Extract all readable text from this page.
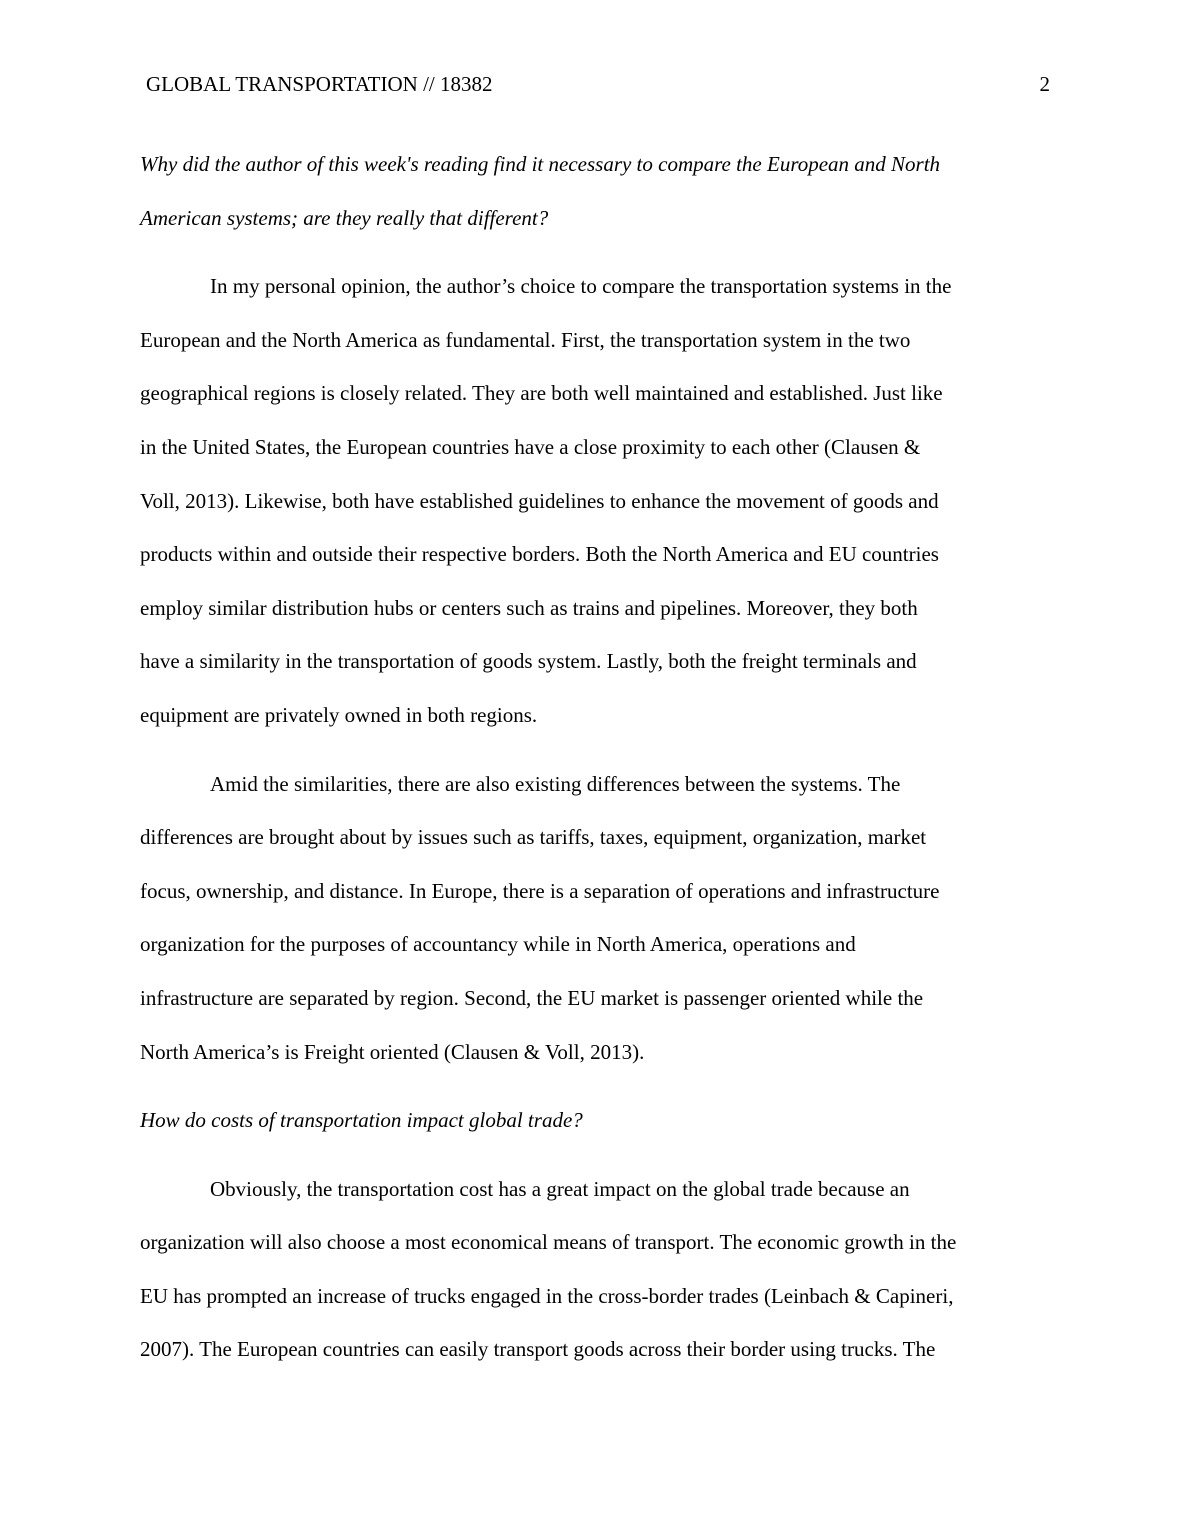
GLOBAL TRANSPORTATION // 18382	2
Why did the author of this week's reading find it necessary to compare the European and North
American systems; are they really that different?
In my personal opinion, the author’s choice to compare the transportation systems in the
European and the North America as fundamental. First, the transportation system in the two
geographical regions is closely related. They are both well maintained and established. Just like
in the United States, the European countries have a close proximity to each other (Clausen &
Voll, 2013). Likewise, both have established guidelines to enhance the movement of goods and
products within and outside their respective borders. Both the North America and EU countries
employ similar distribution hubs or centers such as trains and pipelines. Moreover, they both
have a similarity in the transportation of goods system. Lastly, both the freight terminals and
equipment are privately owned in both regions.
Amid the similarities, there are also existing differences between the systems. The
differences are brought about by issues such as tariffs, taxes, equipment, organization, market
focus, ownership, and distance. In Europe, there is a separation of operations and infrastructure
organization for the purposes of accountancy while in North America, operations and
infrastructure are separated by region. Second, the EU market is passenger oriented while the
North America’s is Freight oriented (Clausen & Voll, 2013).
How do costs of transportation impact global trade?
Obviously, the transportation cost has a great impact on the global trade because an
organization will also choose a most economical means of transport. The economic growth in the
EU has prompted an increase of trucks engaged in the cross-border trades (Leinbach & Capineri,
2007). The European countries can easily transport goods across their border using trucks. The
